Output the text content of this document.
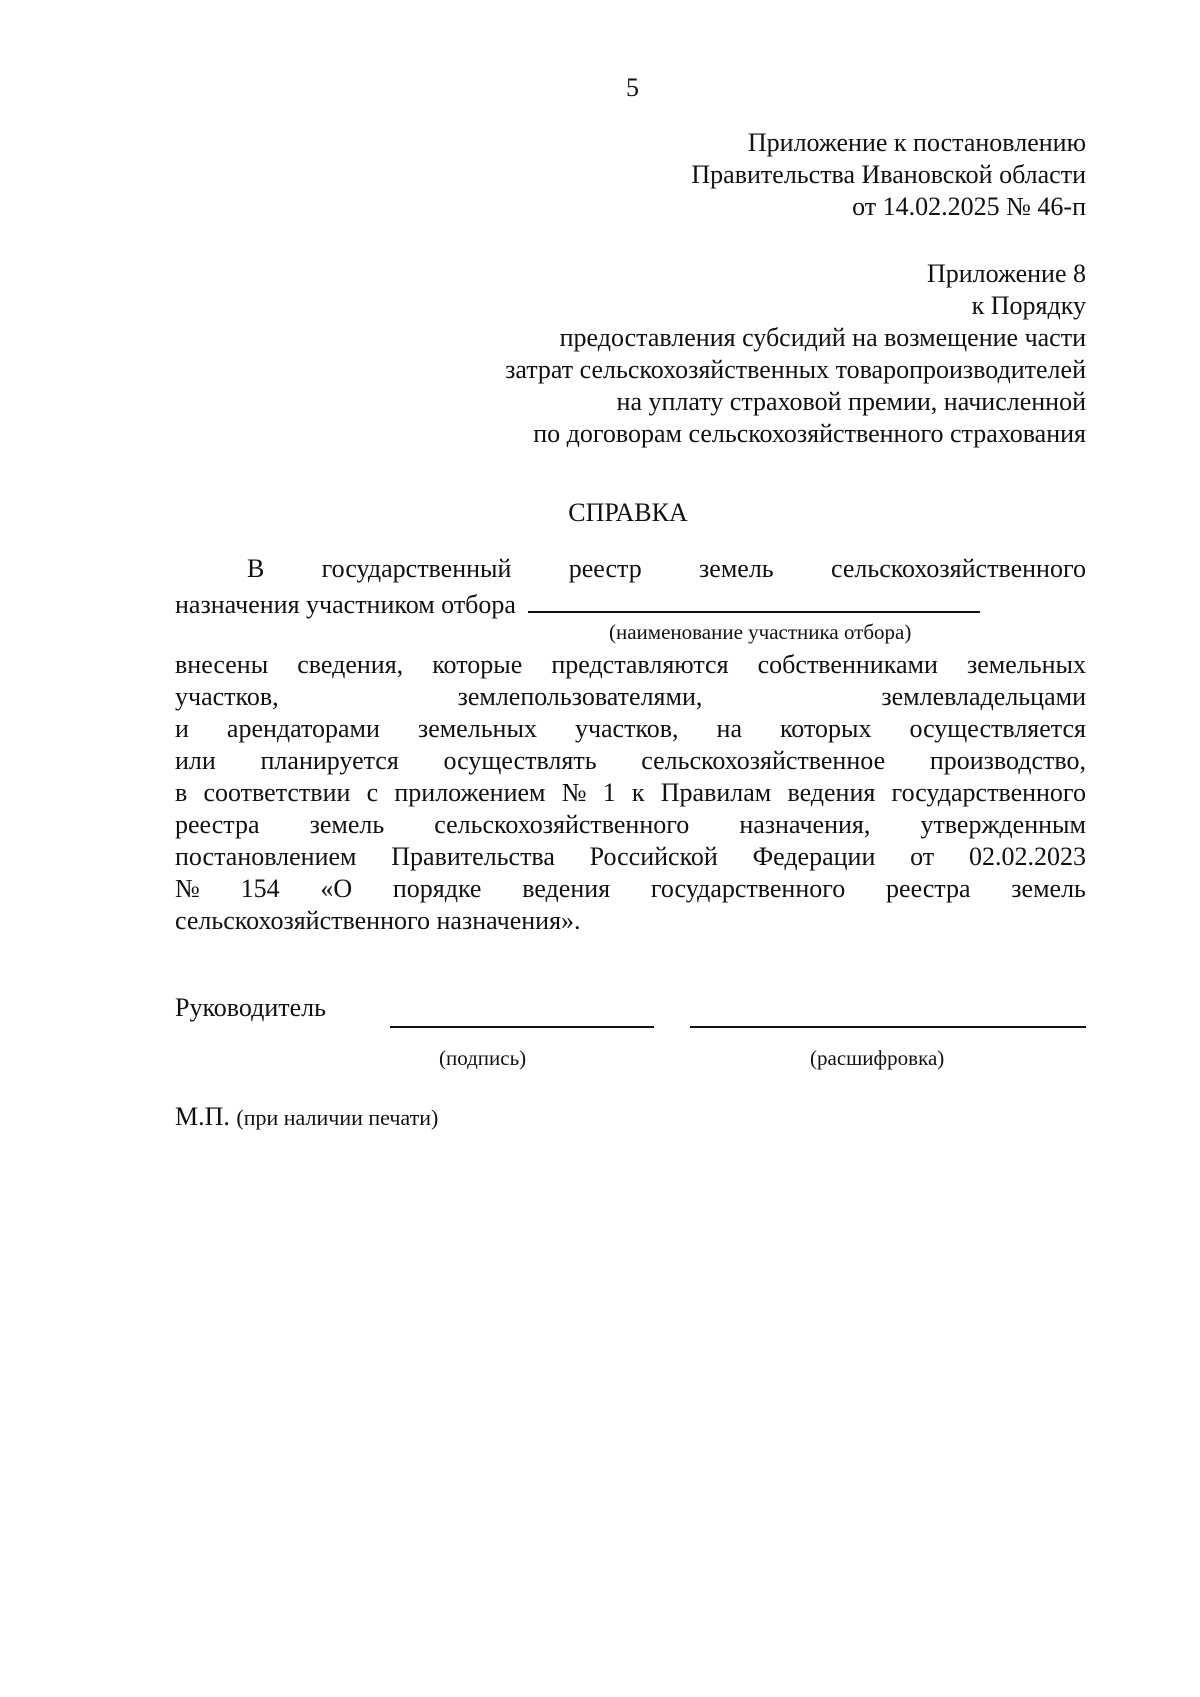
5
Приложение к постановлению
Правительства Ивановской области
от 14.02.2025 № 46-п
Приложение 8
к Порядку
предоставления субсидий на возмещение части
затрат сельскохозяйственных товаропроизводителей
на уплату страховой премии, начисленной
по договорам сельскохозяйственного страхования
СПРАВКА
В государственный реестр земель сельскохозяйственного
назначения участником отбора
(наименование участника отбора)
внесены сведения, которые представляются собственниками земельных
участков,	землепользователями,	землевладельцами
и арендаторами земельных участков, на которых осуществляется
или планируется осуществлять сельскохозяйственное производство,
в соответствии с приложением № 1 к Правилам ведения государственного
реестра земель сельскохозяйственного назначения, утвержденным
постановлением Правительства Российской Федерации от 02.02.2023
№ 154 «О порядке ведения государственного реестра земель
сельскохозяйственного назначения».
Руководитель
(подпись)	(расшифровка)
М.П. (при наличии печати)
